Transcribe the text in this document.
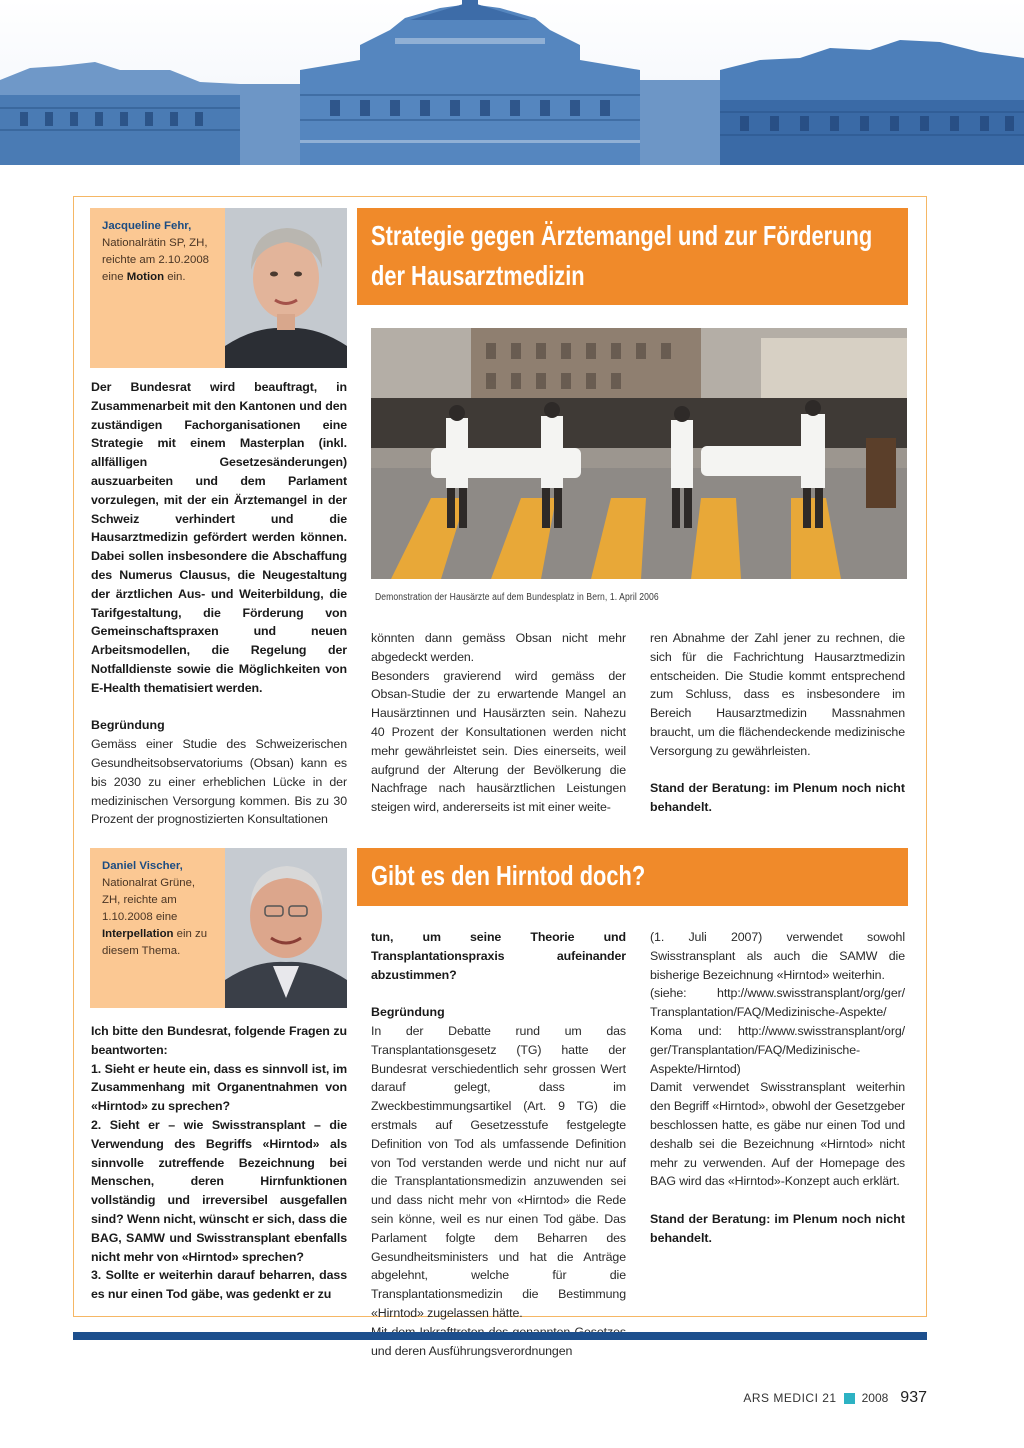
Jacqueline Fehr,
Nationalrätin SP, ZH,
reichte am 2.10.2008
eine Motion ein.
Strategie gegen Ärztemangel und zur Förderung
der Hausarztmedizin
Demonstration der Hausärzte auf dem Bundesplatz in Bern, 1. April 2006

Der Bundesrat wird beauftragt, in Zusammenarbeit mit den Kantonen und den zuständigen Fachorganisationen eine Strategie mit einem Masterplan (inkl. allfälligen Gesetzesänderungen) auszuarbeiten und dem Parlament vorzulegen, mit der ein Ärztemangel in der Schweiz verhindert und die Hausarztmedizin gefördert werden können. Dabei sollen insbesondere die Abschaffung des Numerus Clausus, die Neugestaltung der ärztlichen Aus- und Weiterbildung, die Tarifgestaltung, die Förderung von Gemeinschaftspraxen und neuen Arbeitsmodellen, die Regelung der Notfalldienste sowie die Möglichkeiten von E-Health thematisiert werden.

Begründung

Gemäss einer Studie des Schweizerischen Gesundheitsobservatoriums (Obsan) kann es bis 2030 zu einer erheblichen Lücke in der medizinischen Versorgung kommen. Bis zu 30 Prozent der prognostizierten Konsultationen

könnten dann gemäss Obsan nicht mehr abgedeckt werden.

Besonders gravierend wird gemäss der Obsan-Studie der zu erwartende Mangel an Hausärztinnen und Hausärzten sein. Nahezu 40 Prozent der Konsultationen werden nicht mehr gewährleistet sein. Dies einerseits, weil aufgrund der Alterung der Bevölkerung die Nachfrage nach hausärztlichen Leistungen steigen wird, andererseits ist mit einer weite-

ren Abnahme der Zahl jener zu rechnen, die sich für die Fachrichtung Hausarztmedizin entscheiden. Die Studie kommt entsprechend zum Schluss, dass es insbesondere im Bereich Hausarztmedizin Massnahmen braucht, um die flächendeckende medizinische Versorgung zu gewährleisten.

Stand der Beratung: im Plenum noch nicht behandelt.

Daniel Vischer,
Nationalrat Grüne,
ZH, reichte am
1.10.2008 eine
Interpellation ein zu
diesem Thema.
Gibt es den Hirntod doch?

Ich bitte den Bundesrat, folgende Fragen zu beantworten:

1. Sieht er heute ein, dass es sinnvoll ist, im Zusammenhang mit Organentnahmen von «Hirntod» zu sprechen?

2. Sieht er – wie Swisstransplant – die Verwendung des Begriffs «Hirntod» als sinnvolle zutreffende Bezeichnung bei Menschen, deren Hirnfunktionen vollständig und irreversibel ausgefallen sind? Wenn nicht, wünscht er sich, dass die BAG, SAMW und Swisstransplant ebenfalls nicht mehr von «Hirntod» sprechen?

3. Sollte er weiterhin darauf beharren, dass es nur einen Tod gäbe, was gedenkt er zu

tun, um seine Theorie und Transplantationspraxis aufeinander abzustimmen?

Begründung

In der Debatte rund um das Transplantationsgesetz (TG) hatte der Bundesrat verschiedentlich sehr grossen Wert darauf gelegt, dass im Zweckbestimmungsartikel (Art. 9 TG) die erstmals auf Gesetzesstufe festgelegte Definition von Tod als umfassende Definition von Tod verstanden werde und nicht nur auf die Transplantationsmedizin anzuwenden sei und dass nicht mehr von «Hirntod» die Rede sein könne, weil es nur einen Tod gäbe. Das Parlament folgte dem Beharren des Gesundheitsministers und hat die Anträge abgelehnt, welche für die Transplantationsmedizin die Bestimmung «Hirntod» zugelassen hätte.

und deren Ausführungsverordnungen

(1. Juli 2007) verwendet sowohl Swisstransplant als auch die SAMW die bisherige Bezeichnung «Hirntod» weiterhin.

(siehe: http://www.swisstransplant/org/ger/ Transplantation/FAQ/Medizinische-Aspekte/ Koma und: http://www.swisstransplant/org/ ger/Transplantation/FAQ/Medizinische-Aspekte/Hirntod)

Damit verwendet Swisstransplant weiterhin den Begriff «Hirntod», obwohl der Gesetzgeber beschlossen hatte, es gäbe nur einen Tod und deshalb sei die Bezeichnung «Hirntod» nicht mehr zu verwenden. Auf der Homepage des BAG wird das «Hirntod»-Konzept auch erklärt.

Stand der Beratung: im Plenum noch nicht behandelt.

ARS MEDICI 21 2008 937
